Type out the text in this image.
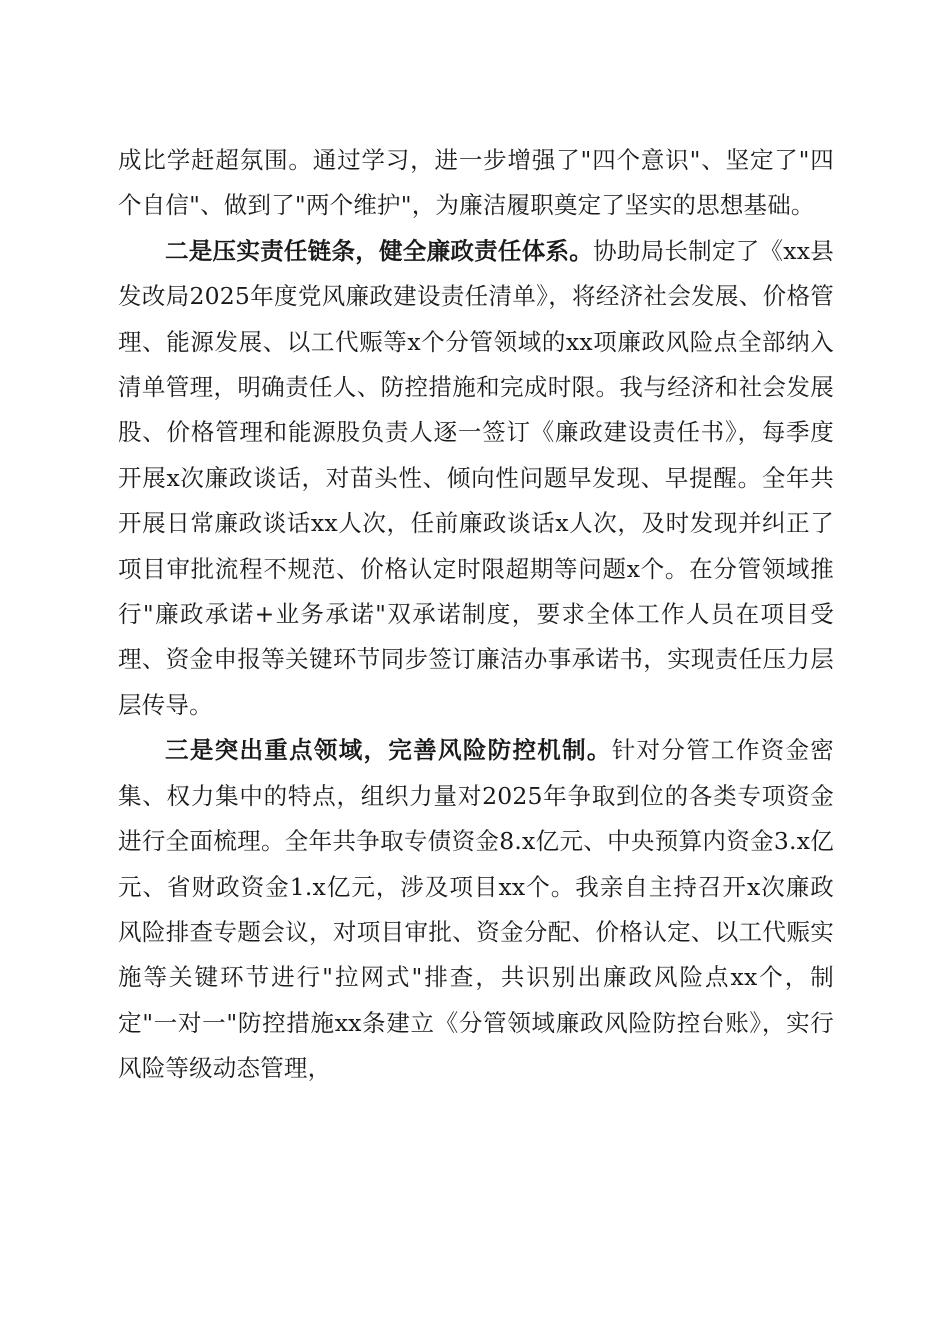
成比学赶超氛围。通过学习，进一步增强了"四个意识"、坚定了"四个自信"、做到了"两个维护"，为廉洁履职奠定了坚实的思想基础。

二是压实责任链条，健全廉政责任体系。协助局长制定了《xx县发改局2025年度党风廉政建设责任清单》，将经济社会发展、价格管理、能源发展、以工代赈等x个分管领域的xx项廉政风险点全部纳入清单管理，明确责任人、防控措施和完成时限。我与经济和社会发展股、价格管理和能源股负责人逐一签订《廉政建设责任书》，每季度开展x次廉政谈话，对苗头性、倾向性问题早发现、早提醒。全年共开展日常廉政谈话xx人次，任前廉政谈话x人次，及时发现并纠正了项目审批流程不规范、价格认定时限超期等问题x个。在分管领域推行"廉政承诺+业务承诺"双承诺制度，要求全体工作人员在项目受理、资金申报等关键环节同步签订廉洁办事承诺书，实现责任压力层层传导。

三是突出重点领域，完善风险防控机制。针对分管工作资金密集、权力集中的特点，组织力量对2025年争取到位的各类专项资金进行全面梳理。全年共争取专债资金8.x亿元、中央预算内资金3.x亿元、省财政资金1.x亿元，涉及项目xx个。我亲自主持召开x次廉政风险排查专题会议，对项目审批、资金分配、价格认定、以工代赈实施等关键环节进行"拉网式"排查，共识别出廉政风险点xx个，制定"一对一"防控措施xx条建立《分管领域廉政风险防控台账》，实行风险等级动态管理，
